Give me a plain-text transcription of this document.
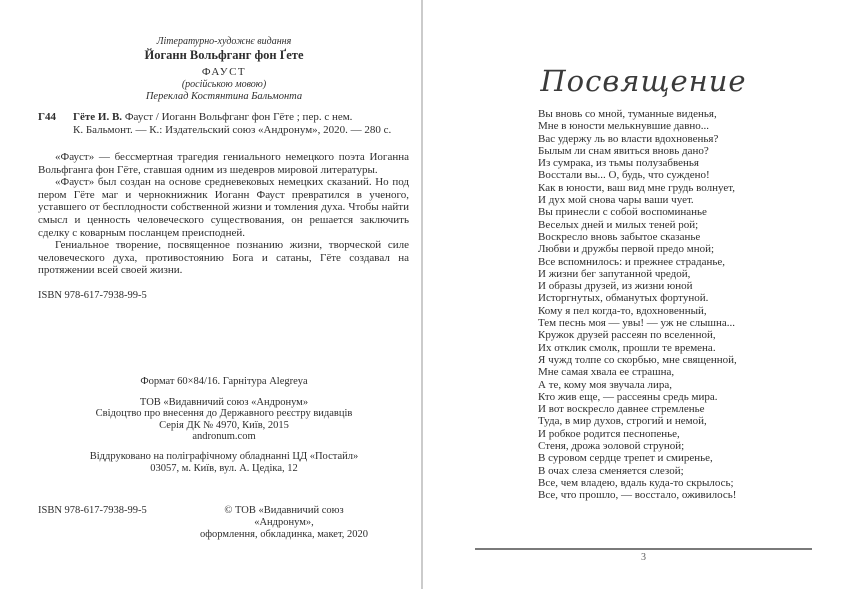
Літературно-художнє видання
Йоганн Вольфганг фон Ґете
ФАУСТ
(російською мовою)
Переклад Костянтина Бальмонта
Г44	Гёте И. В. Фауст / Иоганн Вольфганг фон Гёте ; пер. с нем.
К. Бальмонт. — К.: Издательский союз «Андронум», 2020. — 280 с.

«Фауст» — бессмертная трагедия гениального немецкого поэта Иоганна Вольфганга фон Гёте, ставшая одним из шедевров мировой литературы.

«Фауст» был создан на основе средневековых немецких сказаний. Но под пером Гёте маг и чернокнижник Иоганн Фауст превратился в ученого, уставшего от бесплодности собственной жизни и томления духа. Чтобы найти смысл и ценность человеческого существования, он решается заключить сделку с коварным посланцем преисподней.

Гениальное творение, посвященное познанию жизни, творческой силе человеческого духа, противостоянию Бога и сатаны, Гёте создавал на протяжении всей своей жизни.

ISBN 978-617-7938-99-5
Формат 60×84/16. Гарнітура Alegreya
ТОВ «Видавничий союз «Андронум»
Свідоцтво про внесення до Державного реєстру видавців
Серія ДК № 4970, Київ, 2015
andronum.com
Віддруковано на поліграфічному обладнанні ЦД «Постайл»
03057, м. Київ, вул. А. Цедіка, 12
ISBN 978-617-7938-99-5	© ТОВ «Видавничий союз «Андронум»,
оформлення, обкладинка, макет, 2020
Посвящение
Вы вновь со мной, туманные виденья,
Мне в юности мелькнувшие давно...
Вас удержу ль во власти вдохновенья?
Былым ли снам явиться вновь дано?
Из сумрака, из тьмы полузабвенья
Восстали вы... О, будь, что суждено!
Как в юности, ваш вид мне грудь волнует,
И дух мой снова чары ваши чует.
Вы принесли с собой воспоминанье
Веселых дней и милых теней рой;
Воскресло вновь забытое сказанье
Любви и дружбы первой предо мной;
Все вспомнилось: и прежнее страданье,
И жизни бег запутанной чредой,
И образы друзей, из жизни юной
Исторгнутых, обманутых фортуной.
Кому я пел когда-то, вдохновенный,
Тем песнь моя — увы! — уж не слышна...
Кружок друзей рассеян по вселенной,
Их отклик смолк, прошли те времена.
Я чужд толпе со скорбью, мне священной,
Мне самая хвала ее страшна,
А те, кому моя звучала лира,
Кто жив еще, — рассеяны средь мира.
И вот воскресло давнее стремленье
Туда, в мир духов, строгий и немой,
И робкое родится песнопенье,
Стеня, дрожа эоловой струной;
В суровом сердце трепет и смиренье,
В очах слеза сменяется слезой;
Все, чем владею, вдаль куда-то скрылось;
Все, что прошло, — восстало, оживилось!
3
